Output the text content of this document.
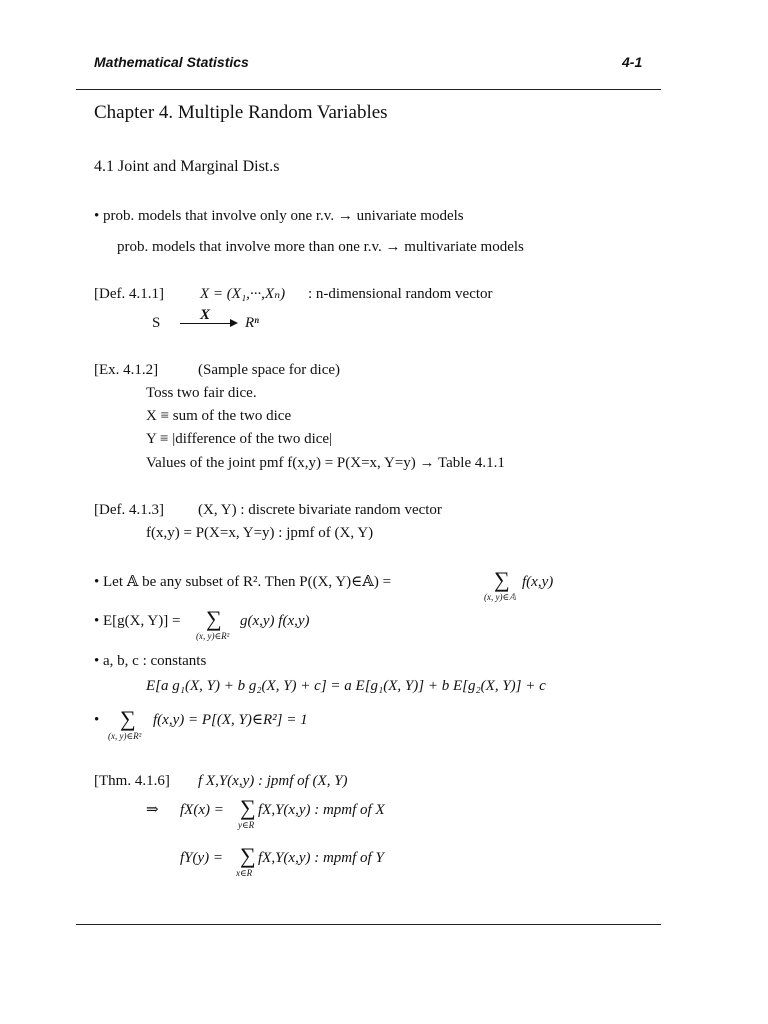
Mathematical Statistics	4-1
Chapter 4. Multiple Random Variables
4.1 Joint and Marginal Dist.s
• prob. models that involve only one r.v. → univariate models
prob. models that involve more than one r.v. → multivariate models
[Def. 4.1.1] X = (X₁,···,Xₙ) : n-dimensional random vector
S	X Rⁿ
[Ex. 4.1.2]	(Sample space for dice)
Toss two fair dice.
X ≡ sum of the two dice
Y ≡ |difference of the two dice|
Values of the joint pmf f(x,y) = P(X=x, Y=y) → Table 4.1.1
[Def. 4.1.3] (X, Y) : discrete bivariate random vector
f(x,y) = P(X=x, Y=y) : jpmf of (X, Y)
• Let 𝔸 be any subset of R². Then P((X, Y)∈𝔸) =	∑
(x, y)∈𝔸
f(x,y)
• E[g(X, Y)] = ∑
(x, y)∈R²
g(x,y) f(x,y)
• a, b, c : constants
E[a g₁(X, Y) + b g₂(X, Y) + c] = a E[g₁(X, Y)] + b E[g₂(X, Y)] + c
• ∑
(x, y)∈R²
f(x,y) = P[(X, Y)∈R²] = 1
[Thm. 4.1.6] f X,Y(x,y) : jpmf of (X, Y)
⇒ fX(x) = ∑
y∈R
fX,Y(x,y) : mpmf of X
fY(y) = ∑
x∈R
fX,Y(x,y) : mpmf of Y
